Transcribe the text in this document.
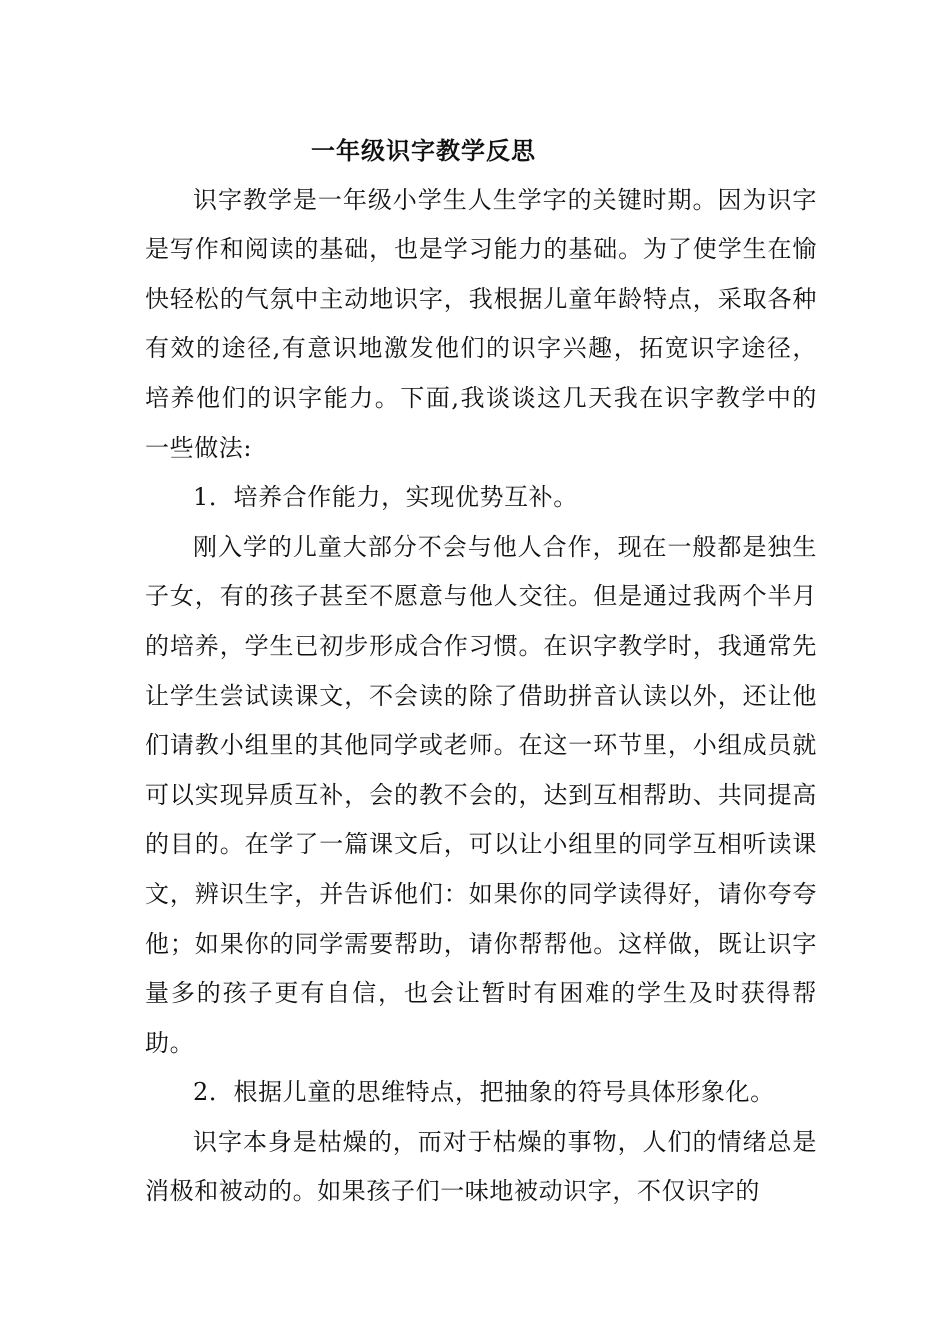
一年级识字教学反思

识字教学是一年级小学生人生学字的关键时期。因为识字是写作和阅读的基础，也是学习能力的基础。为了使学生在愉快轻松的气氛中主动地识字，我根据儿童年龄特点，采取各种有效的途径,有意识地激发他们的识字兴趣，拓宽识字途径，培养他们的识字能力。下面,我谈谈这几天我在识字教学中的一些做法:

1．培养合作能力，实现优势互补。

刚入学的儿童大部分不会与他人合作，现在一般都是独生子女，有的孩子甚至不愿意与他人交往。但是通过我两个半月的培养，学生已初步形成合作习惯。在识字教学时，我通常先让学生尝试读课文，不会读的除了借助拼音认读以外，还让他们请教小组里的其他同学或老师。在这一环节里，小组成员就可以实现异质互补，会的教不会的，达到互相帮助、共同提高的目的。在学了一篇课文后，可以让小组里的同学互相听读课文，辨识生字，并告诉他们：如果你的同学读得好，请你夸夸他；如果你的同学需要帮助，请你帮帮他。这样做，既让识字量多的孩子更有自信，也会让暂时有困难的学生及时获得帮助。

2．根据儿童的思维特点，把抽象的符号具体形象化。

识字本身是枯燥的，而对于枯燥的事物，人们的情绪总是消极和被动的。如果孩子们一味地被动识字，不仅识字的
